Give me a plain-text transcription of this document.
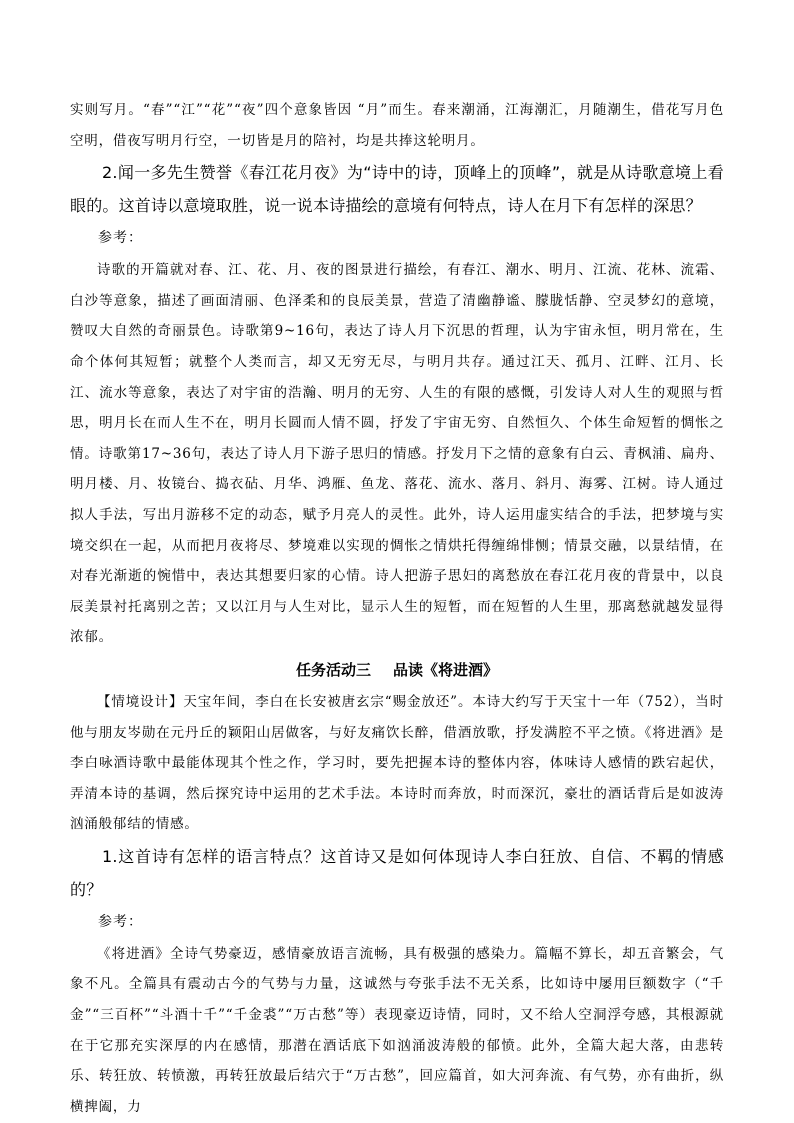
实则写月。“春”“江”“花”“夜”四个意象皆因 “月”而生。春来潮涌，江海潮汇，月随潮生，借花写月色空明，借夜写明月行空，一切皆是月的陪衬，均是共捧这轮明月。

2.闻一多先生赞誉《春江花月夜》为“诗中的诗，顶峰上的顶峰”，就是从诗歌意境上看眼的。这首诗以意境取胜，说一说本诗描绘的意境有何特点，诗人在月下有怎样的深思？

参考：

诗歌的开篇就对春、江、花、月、夜的图景进行描绘，有春江、潮水、明月、江流、花林、流霜、白沙等意象，描述了画面清丽、色泽柔和的良辰美景，营造了清幽静谧、朦胧恬静、空灵梦幻的意境，赞叹大自然的奇丽景色。诗歌第9~16句，表达了诗人月下沉思的哲理，认为宇宙永恒，明月常在，生命个体何其短暂；就整个人类而言，却又无穷无尽，与明月共存。通过江天、孤月、江畔、江月、长江、流水等意象，表达了对宇宙的浩瀚、明月的无穷、人生的有限的感慨，引发诗人对人生的观照与哲思，明月长在而人生不在，明月长圆而人情不圆，抒发了宇宙无穷、自然恒久、个体生命短暂的惆怅之情。诗歌第17~36句，表达了诗人月下游子思归的情感。抒发月下之情的意象有白云、青枫浦、扁舟、明月楼、月、妆镜台、捣衣砧、月华、鸿雁、鱼龙、落花、流水、落月、斜月、海雾、江树。诗人通过拟人手法，写出月游移不定的动态，赋予月亮人的灵性。此外，诗人运用虚实结合的手法，把梦境与实境交织在一起，从而把月夜将尽、梦境难以实现的惆怅之情烘托得缠绵悱恻；情景交融，以景结情，在对春光渐逝的惋惜中，表达其想要归家的心情。诗人把游子思妇的离愁放在春江花月夜的背景中，以良辰美景衬托离别之苦；又以江月与人生对比，显示人生的短暂，而在短暂的人生里，那离愁就越发显得浓郁。

任务活动三 品读《将进酒》

【情境设计】天宝年间，李白在长安被唐玄宗“赐金放还”。本诗大约写于天宝十一年（752），当时他与朋友岑勋在元丹丘的颖阳山居做客，与好友痛饮长醉，借酒放歌，抒发满腔不平之愤。《将进酒》是李白咏酒诗歌中最能体现其个性之作，学习时，要先把握本诗的整体内容，体味诗人感情的跌宕起伏，弄清本诗的基调，然后探究诗中运用的艺术手法。本诗时而奔放，时而深沉，豪壮的酒话背后是如波涛汹涌般郁结的情感。

1.这首诗有怎样的语言特点？这首诗又是如何体现诗人李白狂放、自信、不羁的情感的？

参考：

《将进酒》全诗气势豪迈，感情豪放语言流畅，具有极强的感染力。篇幅不算长，却五音繁会，气象不凡。全篇具有震动古今的气势与力量，这诚然与夸张手法不无关系，比如诗中屡用巨额数字（“千金”“三百杯”“斗酒十千”“千金裘”“万古愁”等）表现豪迈诗情，同时，又不给人空洞浮夸感，其根源就在于它那充实深厚的内在感情，那潜在酒话底下如汹涌波涛般的郁愤。此外，全篇大起大落，由悲转乐、转狂放、转愤激，再转狂放最后结穴于“万古愁”，回应篇首，如大河奔流、有气势，亦有曲折，纵横捭阖，力
